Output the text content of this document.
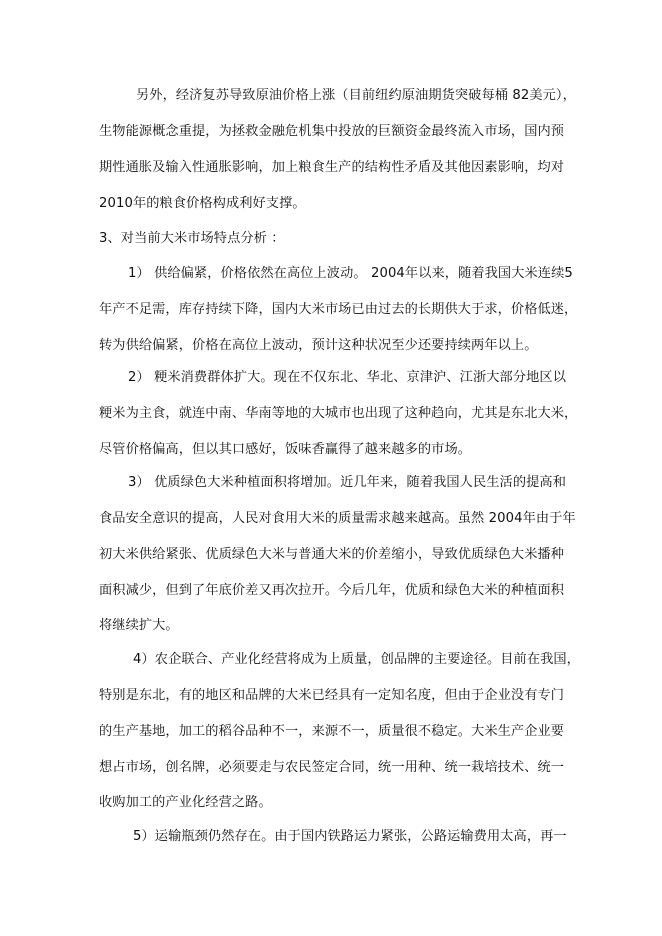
另外，经济复苏导致原油价格上涨（目前纽约原油期货突破每桶 82美元），
生物能源概念重提，为拯救金融危机集中投放的巨额资金最终流入市场，国内预
期性通胀及输入性通胀影响，加上粮食生产的结构性矛盾及其他因素影响，均对
2010年的粮食价格构成利好支撑。
3、对当前大米市场特点分析 ：
1） 供给偏紧，价格依然在高位上波动。 2004年以来，随着我国大米连续5
年产不足需，库存持续下降，国内大米市场已由过去的长期供大于求，价格低迷，
转为供给偏紧，价格在高位上波动，预计这种状况至少还要持续两年以上。
2） 粳米消费群体扩大。现在不仅东北、华北、京津沪、江浙大部分地区以
粳米为主食，就连中南、华南等地的大城市也出现了这种趋向，尤其是东北大米，
尽管价格偏高，但以其口感好，饭味香赢得了越来越多的市场。
3） 优质绿色大米种植面积将增加。近几年来，随着我国人民生活的提高和
食品安全意识的提高，人民对食用大米的质量需求越来越高。虽然 2004年由于年
初大米供给紧张、优质绿色大米与普通大米的价差缩小，导致优质绿色大米播种
面积减少，但到了年底价差又再次拉开。今后几年，优质和绿色大米的种植面积
将继续扩大。
4）农企联合、产业化经营将成为上质量，创品牌的主要途径。目前在我国，
特别是东北，有的地区和品牌的大米已经具有一定知名度，但由于企业没有专门
的生产基地，加工的稻谷品种不一，来源不一，质量很不稳定。大米生产企业要
想占市场，创名牌，必须要走与农民签定合同，统一用种、统一栽培技术、统一
收购加工的产业化经营之路。
5）运输瓶颈仍然存在。由于国内铁路运力紧张，公路运输费用太高，再一
